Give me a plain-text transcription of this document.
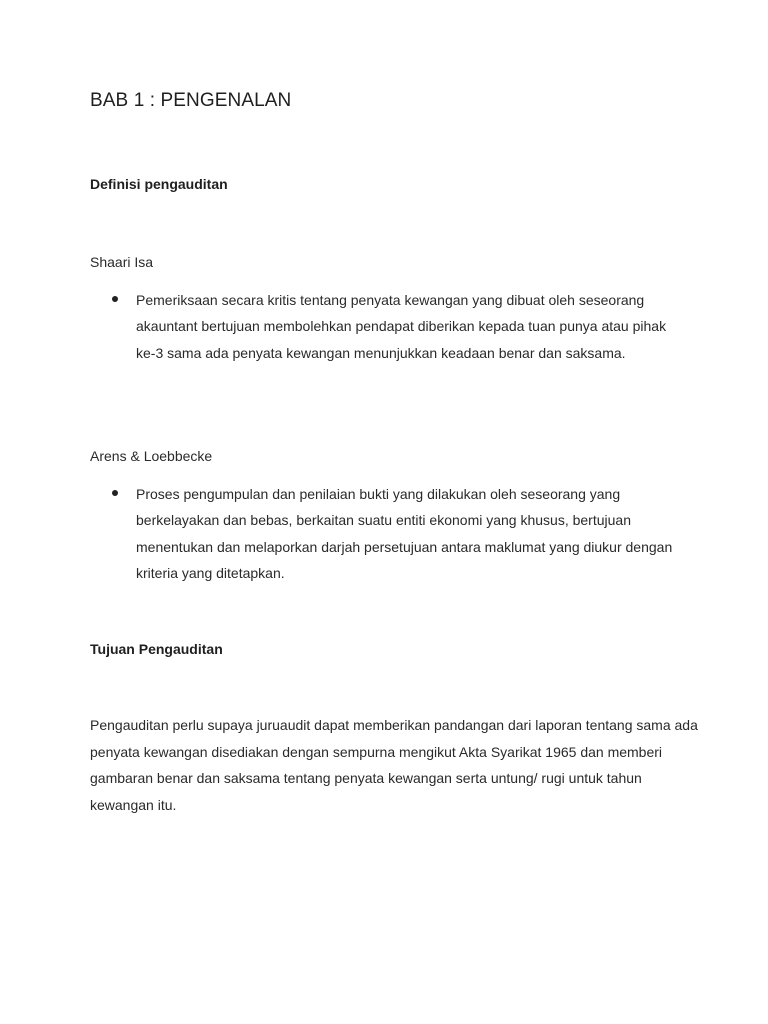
BAB 1 : PENGENALAN
Definisi pengauditan
Shaari Isa

Pemeriksaan secara kritis tentang penyata kewangan yang dibuat oleh seseorang akauntant bertujuan membolehkan pendapat diberikan kepada tuan punya atau pihak ke-3 sama ada penyata kewangan menunjukkan keadaan benar dan saksama.

Arens & Loebbecke

Proses pengumpulan dan penilaian bukti yang dilakukan oleh seseorang yang berkelayakan dan bebas, berkaitan suatu entiti ekonomi yang khusus, bertujuan menentukan dan melaporkan darjah persetujuan antara maklumat yang diukur dengan kriteria yang ditetapkan.

Tujuan Pengauditan

Pengauditan perlu supaya juruaudit dapat memberikan pandangan dari laporan tentang sama ada penyata kewangan disediakan dengan sempurna mengikut Akta Syarikat 1965 dan memberi gambaran benar dan saksama tentang penyata kewangan serta untung/ rugi untuk tahun kewangan itu.
